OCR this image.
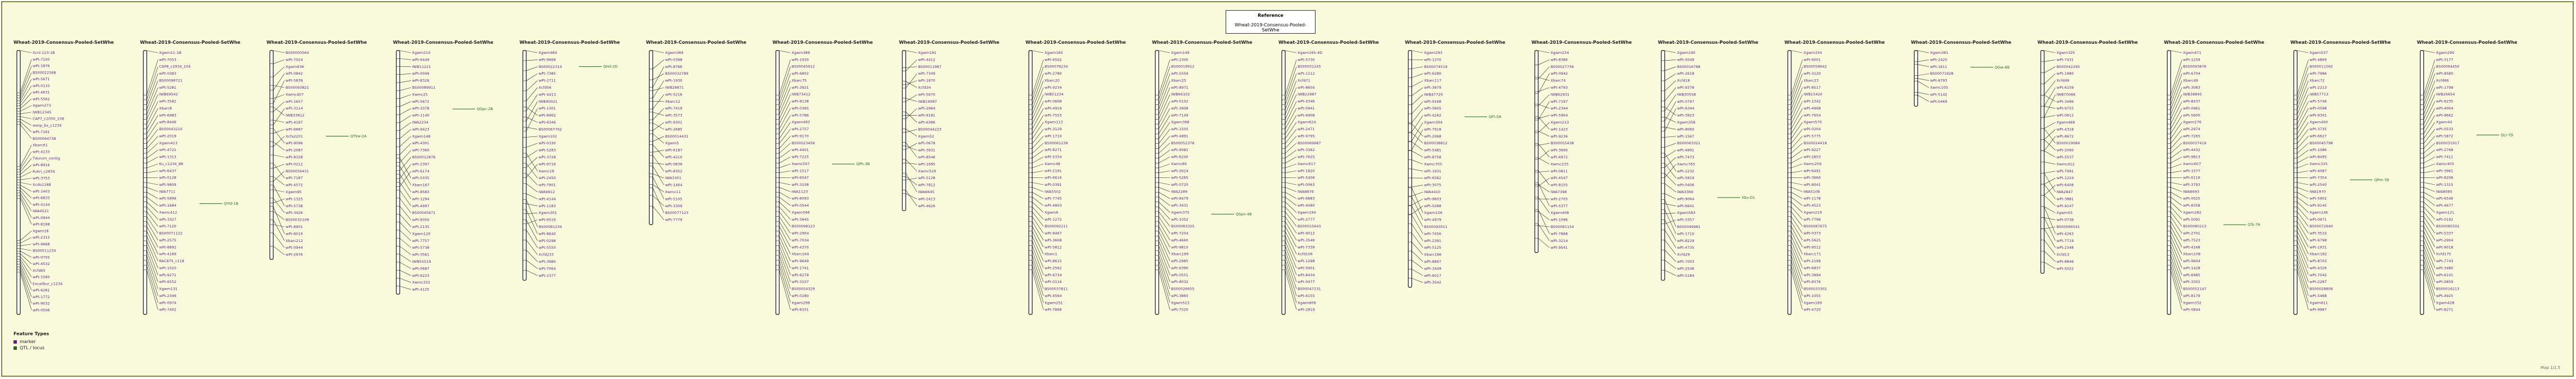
Wheat-2019-Consensus-Pooled-SetWhe
Xcnl-123-1B
wPt-7100
wPt-1876
BS00022568
wPt-5671
wPt-0133
wPt-4631
wPt-5562
Xgwm273
IWB12345
CAP7_c1050_158
wsnp_Ex_c1234
wPt-7161
BS00064738
Xbarc61
wPt-4133
Tdurum_contig
wPt-8916
Kukri_c2834
wPt-3753
Xcdo1188
wPt-1403
wPt-6833
wPt-4144
IWA4521
wPt-0944
wPt-8168
Xgwm18
wPt-2315
wPt-9668
BS00011234
wPt-0705
wPt-4532
Xcfd65
wPt-1560
Excalibur_c1234
wPt-6281
wPt-1772
wPt-9032
wPt-0506
Wheat-2019-Consensus-Pooled-SetWhe
Xgwm11-1B
wPt-7053
CAP8_c2934_104
wPt-0383
BS00098721
wPt-5281
IWB69542
wPt-3582
Xbarc8
wPt-6983
wPt-8446
BS00043210
wPt-2019
Xgwm413
wPt-4721
wPt-1313
Ku_c1234_88
wPt-6437
wPt-0128
wPt-9809
IWA7711
wPt-5899
wPt-1684
Xwmc412
wPt-3327
wPt-7120
BS00071122
wPt-2575
wPt-8892
wPt-4169
RAC875_c118
wPt-1020
wPt-9271
wPt-6552
Xgwm131
wPt-2346
wPt-0974
wPt-7402
QYld-1B
Wheat-2019-Consensus-Pooled-SetWhe
BS00000564
wPt-7024
Xgwm636
wPt-0842
wPt-5839
BS00093821
Xwmc407
wPt-1657
wPt-3114
IWB33812
wPt-4197
wPt-6687
Xcfa2201
wPt-9096
wPt-2087
wPt-8328
wPt-0212
BS00056431
wPt-7187
wPt-4572
Xgwm95
wPt-1325
wPt-5738
wPt-3426
BS00032109
wPt-8901
wPt-6019
Xbarc212
wPt-0944
wPt-2976
QTkw-2A
Wheat-2019-Consensus-Pooled-SetWhe
Xgwm210
wPt-6449
IWB11221
wPt-0049
wPt-8326
BS00089911
Xwmc25
wPt-5672
wPt-3378
wPt-1140
IWA2234
wPt-9423
Xgwm148
wPt-4301
wPt-7360
BS00012876
wPt-2397
wPt-6174
wPt-0335
Xbarc167
wPt-8583
wPt-1294
wPt-4997
BS00045671
wPt-9350
wPt-2135
Xgwm120
wPt-7757
wPt-5738
wPt-3561
IWB55519
wPt-0687
wPt-6223
Xwmc332
wPt-4125
QGpc-2B
Wheat-2019-Consensus-Pooled-SetWhe
Xgwm484
wPt-9668
BS00022314
wPt-7385
wPt-2711
Xcfd56
wPt-4413
IWB40021
wPt-1301
wPt-8962
wPt-6346
BS00067702
Xgwm102
wPt-0330
wPt-5283
wPt-3728
wPt-9716
Xwmc18
wPt-2450
wPt-7901
IWA9912
wPt-4144
wPt-1183
Xgwm301
wPt-6516
BS00081234
wPt-8640
wPt-0298
wPt-5550
Xcfd233
wPt-3880
wPt-7064
wPt-2377
QHd-2D
Wheat-2019-Consensus-Pooled-SetWhe
Xgwm369
wPt-0398
wPt-8766
BS00032789
wPt-1930
IWB28871
wPt-5216
Xbarc12
wPt-7419
wPt-3573
wPt-9301
wPt-2685
BS00014431
Xgwm5
wPt-6187
wPt-4210
wPt-0836
wPt-8352
IWA3301
wPt-1464
Xwmc11
wPt-5105
wPt-3309
BS00077123
wPt-7779
Wheat-2019-Consensus-Pooled-SetWhe
Xgwm389
wPt-1930
BS00045612
wPt-6802
Xbarc75
wPt-3921
IWB73412
wPt-8138
wPt-0365
wPt-5786
Xgwm493
wPt-2757
wPt-9170
BS00023456
wPt-4401
wPt-7225
Xwmc597
wPt-1517
wPt-6047
wPt-3108
IWA1123
wPt-8093
wPt-0544
Xgwm566
wPt-5845
BS00098123
wPt-2904
wPt-7034
wPt-4370
Xbarc164
wPt-9649
wPt-1741
wPt-6279
wPt-3107
BS00054329
wPt-0280
Xgwm299
wPt-8101
QPh-3B
Wheat-2019-Consensus-Pooled-SetWhe
Xgwm161
wPt-4412
BS00011987
wPt-7349
wPt-1870
Xcfd34
wPt-5670
IWB19087
wPt-2964
wPt-9181
wPt-6386
BS00044223
Xgwm52
wPt-0678
wPt-3931
wPt-8546
wPt-1695
Xwmc529
wPt-5128
wPt-7812
IWA6645
wPt-2413
wPt-4626
Wheat-2019-Consensus-Pooled-SetWhe
Xgwm165
wPt-6502
BS00078234
wPt-2780
Xbarc20
wPt-9234
IWB51234
wPt-0608
wPt-4919
wPt-7553
Xgwm113
wPt-3129
wPt-1710
BS00061239
wPt-8271
wPt-5334
Xwmc48
wPt-2191
wPt-6616
wPt-0391
IWA5502
wPt-7745
wPt-4803
Xgwm6
wPt-1272
BS00092211
wPt-9467
wPt-3608
wPt-5812
Xbarc1
wPt-8615
wPt-2562
wPt-6734
wPt-0116
BS00037811
wPt-4564
Xgwm251
wPt-7866
Wheat-2019-Consensus-Pooled-SetWhe
Xgwm149
wPt-2300
BS00019912
wPt-5559
Xbarc25
wPt-8971
IWB66102
wPt-0102
wPt-3908
wPt-7149
Xgwm368
wPt-1505
wPt-4891
BS00052376
wPt-9082
wPt-6240
Xwmc89
wPt-2624
wPt-5265
wPt-0720
IWA2289
wPt-8479
wPt-3431
Xgwm375
wPt-1052
BS00083325
wPt-7204
wPt-4660
wPt-9810
Xbarc199
wPt-2985
wPt-6390
wPt-0551
wPt-8032
BS00026655
wPt-3865
Xgwm513
wPt-7520
QSpn-4B
Wheat-2019-Consensus-Pooled-SetWhe
Xgwm165-4D
wPt-5730
BS00031245
wPt-1112
Xcfd71
wPt-8650
IWB22987
wPt-4346
wPt-0941
wPt-6908
Xgwm624
wPt-2471
wPt-9795
BS00069987
wPt-3362
wPt-7625
Xwmc617
wPt-1820
wPt-5406
wPt-0063
IWA8876
wPt-6883
wPt-4080
Xgwm194
wPt-2777
BS00015643
wPt-9012
wPt-3549
wPt-7339
Xcfd106
wPt-1298
wPt-5901
wPt-8434
wPt-0477
BS00047231
wPt-6155
Xgwm609
wPt-2819
Wheat-2019-Consensus-Pooled-SetWhe
Xgwm293
wPt-1370
BS00074519
wPt-6280
Xbarc117
wPt-3879
IWB47720
wPt-9168
wPt-0605
wPt-4262
Xgwm304
wPt-7918
wPt-2068
BS00038812
wPt-5481
wPt-8758
Xwmc705
wPt-1931
wPt-6562
wPt-3075
IWA4410
wPt-9603
wPt-0288
Xgwm156
wPt-4979
BS00093011
wPt-7456
wPt-2391
wPt-5125
Xbarc186
wPt-8897
wPt-1649
wPt-6017
wPt-3542
QFt-5A
Wheat-2019-Consensus-Pooled-SetWhe
Xgwm234
wPt-8386
BS00027756
wPt-0942
Xbarc74
wPt-4793
IWB62931
wPt-7197
wPt-2344
wPt-5904
Xgwm213
wPt-1423
wPt-9236
BS00055438
wPt-3690
wPt-6972
Xwmc235
wPt-0811
wPt-4547
wPt-8155
IWA7398
wPt-2705
wPt-5377
Xgwm408
wPt-1096
BS00081154
wPt-7868
wPt-3214
wPt-9541
Wheat-2019-Consensus-Pooled-SetWhe
Xgwm190
wPt-5049
BS00016788
wPt-2618
Xcfd18
wPt-9378
IWB30558
wPt-0797
wPt-6344
wPt-3923
Xgwm358
wPt-8060
wPt-1567
BS00063321
wPt-4891
wPt-7473
Xwmc765
wPt-2232
wPt-5819
wPt-0406
IWA3366
wPt-9064
wPt-6641
Xgwm583
wPt-3357
BS00049981
wPt-1710
wPt-8229
wPt-4735
Xcfd29
wPt-7003
wPt-2546
wPt-5184
Xbv-D1
Wheat-2019-Consensus-Pooled-SetWhe
Xgwm334
wPt-6001
BS00058642
wPt-3120
Xbarc23
wPt-8517
IWB15420
wPt-1342
wPt-4908
wPt-7654
Xgwm570
wPt-0204
wPt-5775
BS00024418
wPt-9227
wPt-2853
Xwmc256
wPt-6491
wPt-3660
wPt-8041
IWA5108
wPt-1178
wPt-4523
Xgwm219
wPt-7796
BS00087675
wPt-0373
wPt-5625
wPt-9512
Xbarc171
wPt-2199
wPt-6837
wPt-3994
wPt-8376
BS00033302
wPt-1055
Xgwm169
wPt-4720
Wheat-2019-Consensus-Pooled-SetWhe
Xgwm361
wPt-2420
wPt-1611
BS00071928
wPt-8793
Xwmc105
wPt-5142
wPt-0469
QGw-6B
Wheat-2019-Consensus-Pooled-SetWhe
Xgwm325
wPt-7431
BS00042295
wPt-1980
Xcfd49
wPt-6159
IWB70066
wPt-3496
wPt-9755
wPt-0612
Xgwm469
wPt-4318
wPt-8672
BS00019084
wPt-2060
wPt-5537
Xwmc412
wPt-7991
wPt-1224
wPt-6408
IWA2847
wPt-3881
wPt-9147
Xgwm55
wPt-0736
BS00066541
wPt-4263
wPt-7719
wPt-2348
Xcfd13
wPt-8846
wPt-5022
Wheat-2019-Consensus-Pooled-SetWhe
Xgwm471
wPt-1259
BS00093876
wPt-6704
Xbarc49
wPt-3083
IWB38845
wPt-8437
wPt-0961
wPt-5600
Xgwm276
wPt-2974
wPt-7265
BS00037419
wPt-4432
wPt-9813
Xwmc607
wPt-1577
wPt-6116
wPt-3793
IWA6693
wPt-0025
wPt-8358
Xgwm282
wPt-5091
BS00080213
wPt-2701
wPt-7523
wPt-4168
Xbarc108
wPt-9604
wPt-1428
wPt-6985
wPt-3302
BS00052147
wPt-8179
Xgwm332
wPt-0844
QTs-7A
Wheat-2019-Consensus-Pooled-SetWhe
Xgwm537
wPt-4869
BS00011562
wPt-7986
Xbarc72
wPt-2213
IWB57713
wPt-5746
wPt-0598
wPt-9301
Xgwm400
wPt-3735
wPt-6627
BS00045798
wPt-1086
wPt-8495
Xwmc335
wPt-4087
wPt-7354
wPt-2540
IWA1970
wPt-5902
wPt-9145
Xgwm146
wPt-0671
BS00072640
wPt-3510
wPt-6798
wPt-1931
Xbarc182
wPt-8703
wPt-4326
wPt-7042
wPt-2287
BS00028806
wPt-5468
Xgwm611
wPt-9987
QPm-7B
Wheat-2019-Consensus-Pooled-SetWhe
Xgwm295
wPt-3177
BS00064450
wPt-8580
Xcfd66
wPt-1799
IWB26654
wPt-6235
wPt-4004
wPt-9662
Xgwm44
wPt-0533
wPt-5872
BS00031917
wPt-2768
wPt-7411
Xwmc405
wPt-3961
wPt-8206
wPt-1315
IWA8085
wPt-6546
wPt-4677
Xgwm121
wPt-0192
BS00085502
wPt-5337
wPt-2904
wPt-9018
Xcfd175
wPt-7743
wPt-3480
wPt-6101
wPt-0859
BS00016213
wPt-4925
Xgwm428
wPt-8271
QLr-7D
Reference
Wheat-2019-Consensus-Pooled-SetWhe
Feature Types
marker
QTL / locus
Map 1/1.5
